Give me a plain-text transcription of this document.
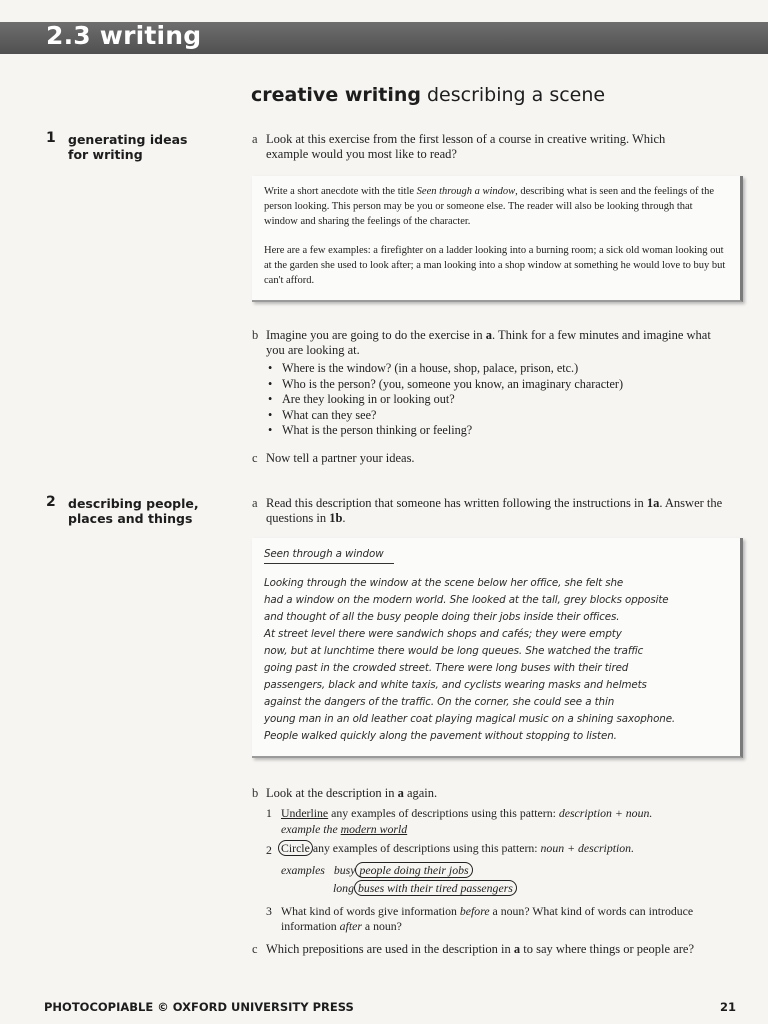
2.3 writing
creative writing describing a scene
1 generating ideas for writing
a Look at this exercise from the first lesson of a course in creative writing. Which example would you most like to read?
Write a short anecdote with the title Seen through a window, describing what is seen and the feelings of the person looking. This person may be you or someone else. The reader will also be looking through that window and sharing the feelings of the character.
Here are a few examples: a firefighter on a ladder looking into a burning room; a sick old woman looking out at the garden she used to look after; a man looking into a shop window at something he would love to buy but can't afford.
b Imagine you are going to do the exercise in a. Think for a few minutes and imagine what you are looking at.
• Where is the window? (in a house, shop, palace, prison, etc.)
• Who is the person? (you, someone you know, an imaginary character)
• Are they looking in or looking out?
• What can they see?
• What is the person thinking or feeling?
c Now tell a partner your ideas.
2 describing people, places and things
a Read this description that someone has written following the instructions in 1a. Answer the questions in 1b.
Seen through a window
Looking through the window at the scene below her office, she felt she
had a window on the modern world. She looked at the tall, grey blocks opposite
and thought of all the busy people doing their jobs inside their offices.
At street level there were sandwich shops and cafés; they were empty
now, but at lunchtime there would be long queues. She watched the traffic
going past in the crowded street. There were long buses with their tired
passengers, black and white taxis, and cyclists wearing masks and helmets
against the dangers of the traffic. On the corner, she could see a thin
young man in an old leather coat playing magical music on a shining saxophone.
People walked quickly along the pavement without stopping to listen.
b Look at the description in a again.
1 Underline any examples of descriptions using this pattern: description + noun.
example the modern world
2 Circle any examples of descriptions using this pattern: noun + description.
examples busy people doing their jobs
long buses with their tired passengers
3 What kind of words give information before a noun? What kind of words can introduce information after a noun?
c Which prepositions are used in the description in a to say where things or people are?
PHOTOCOPIABLE © OXFORD UNIVERSITY PRESS	21
